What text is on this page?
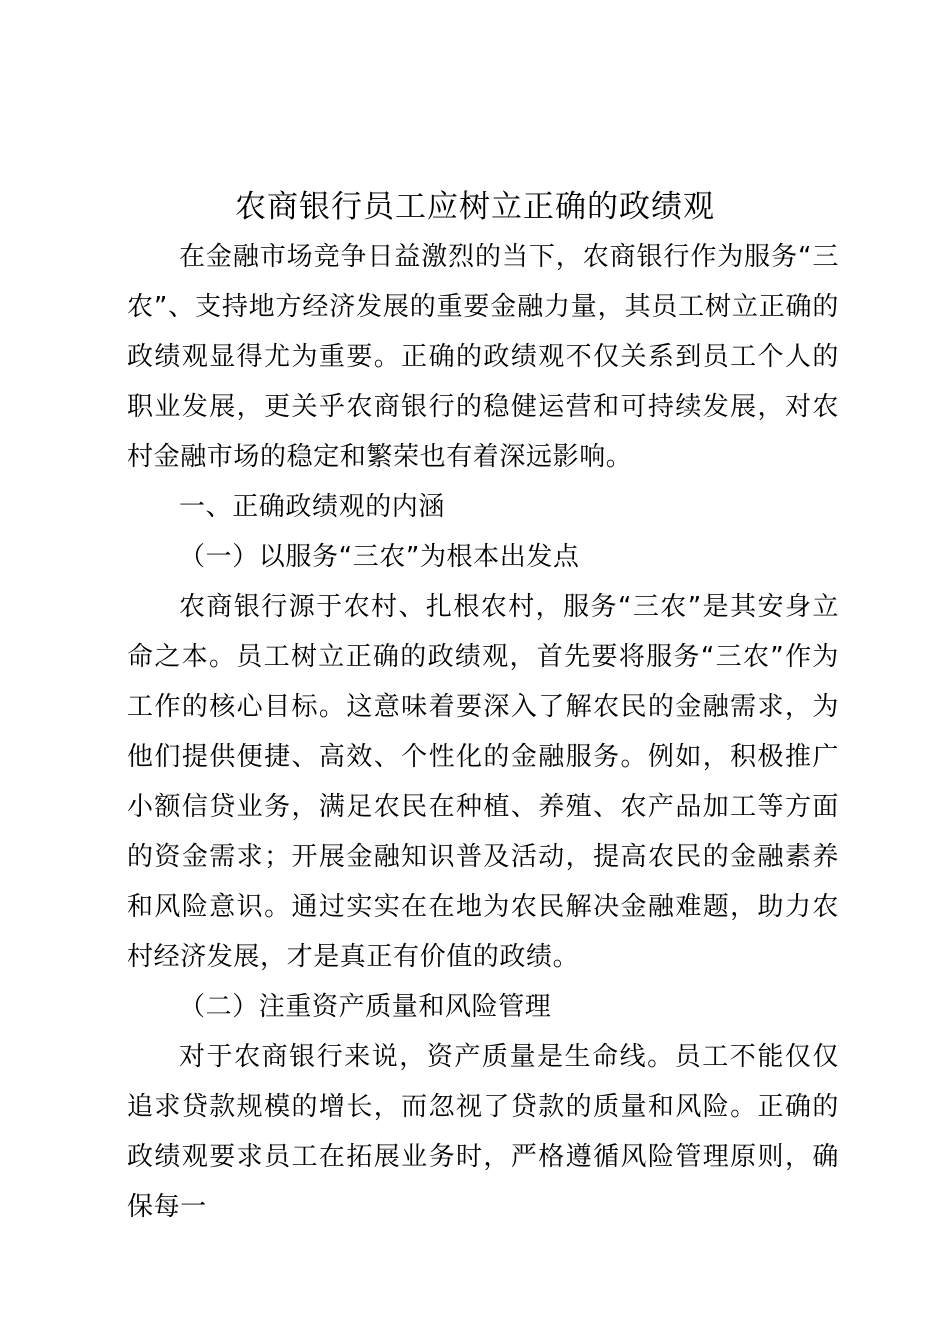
农商银行员工应树立正确的政绩观

在金融市场竞争日益激烈的当下，农商银行作为服务“三农”、支持地方经济发展的重要金融力量，其员工树立正确的政绩观显得尤为重要。正确的政绩观不仅关系到员工个人的职业发展，更关乎农商银行的稳健运营和可持续发展，对农村金融市场的稳定和繁荣也有着深远影响。

一、正确政绩观的内涵

（一）以服务“三农”为根本出发点

农商银行源于农村、扎根农村，服务“三农”是其安身立命之本。员工树立正确的政绩观，首先要将服务“三农”作为工作的核心目标。这意味着要深入了解农民的金融需求，为他们提供便捷、高效、个性化的金融服务。例如，积极推广小额信贷业务，满足农民在种植、养殖、农产品加工等方面的资金需求；开展金融知识普及活动，提高农民的金融素养和风险意识。通过实实在在地为农民解决金融难题，助力农村经济发展，才是真正有价值的政绩。

（二）注重资产质量和风险管理

对于农商银行来说，资产质量是生命线。员工不能仅仅追求贷款规模的增长，而忽视了贷款的质量和风险。正确的政绩观要求员工在拓展业务时，严格遵循风险管理原则，确保每一
